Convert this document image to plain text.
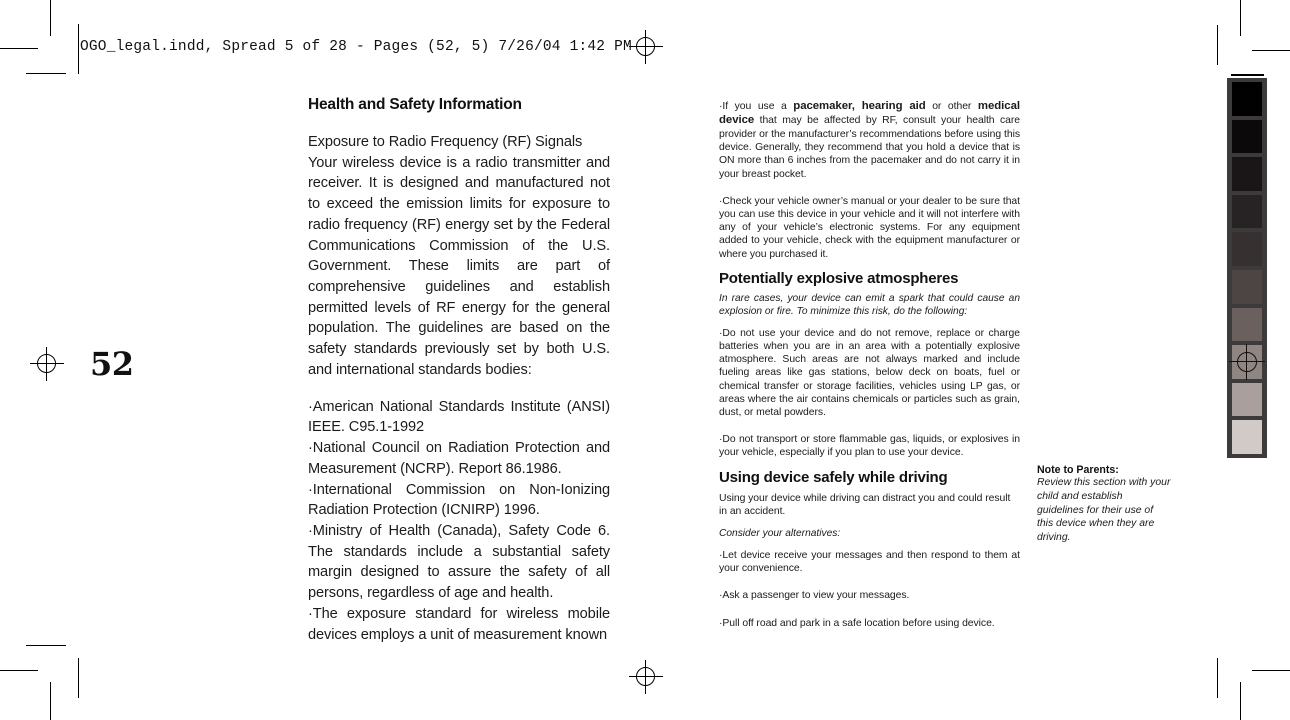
OGO_legal.indd, Spread 5 of 28 - Pages (52, 5) 7/26/04 1:42 PM
52
Health and Safety Information

Exposure to Radio Frequency (RF) Signals

Your wireless device is a radio transmitter and receiver. It is designed and manufactured not to exceed the emission limits for exposure to radio frequency (RF) energy set by the Federal Communications Commission of the U.S. Government. These limits are part of comprehensive guidelines and establish permitted levels of RF energy for the general population. The guidelines are based on the safety standards previously set by both U.S. and international standards bodies:

·American National Standards Institute (ANSI) IEEE. C95.1-1992

·National Council on Radiation Protection and Measurement (NCRP). Report 86.1986.

·International Commission on Non-Ionizing Radiation Protection (ICNIRP) 1996.

·Ministry of Health (Canada), Safety Code 6. The standards include a substantial safety margin designed to assure the safety of all persons, regardless of age and health.

·The exposure standard for wireless mobile devices employs a unit of measurement known

·If you use a pacemaker, hearing aid or other medical device that may be affected by RF, consult your health care provider or the manufacturer’s recommendations before using this device. Generally, they recommend that you hold a device that is ON more than 6 inches from the pacemaker and do not carry it in your breast pocket.

·Check your vehicle owner’s manual or your dealer to be sure that you can use this device in your vehicle and it will not interfere with any of your vehicle’s electronic systems. For any equipment added to your vehicle, check with the equipment manufacturer or where you purchased it.

Potentially explosive atmospheres

In rare cases, your device can emit a spark that could cause an explosion or fire. To minimize this risk, do the following:

·Do not use your device and do not remove, replace or charge batteries when you are in an area with a potentially explosive atmosphere. Such areas are not always marked and include fueling areas like gas stations, below deck on boats, fuel or chemical transfer or storage facilities, vehicles using LP gas, or areas where the air contains chemicals or particles such as grain, dust, or metal powders.

·Do not transport or store flammable gas, liquids, or explosives in your vehicle, especially if you plan to use your device.

Using device safely while driving

Using your device while driving can distract you and could result in an accident.

Consider your alternatives:

·Let device receive your messages and then respond to them at your convenience.

·Ask a passenger to view your messages.

·Pull off road and park in a safe location before using device.

Note to Parents:

Review this section with your child and establish guidelines for their use of this device when they are driving.
